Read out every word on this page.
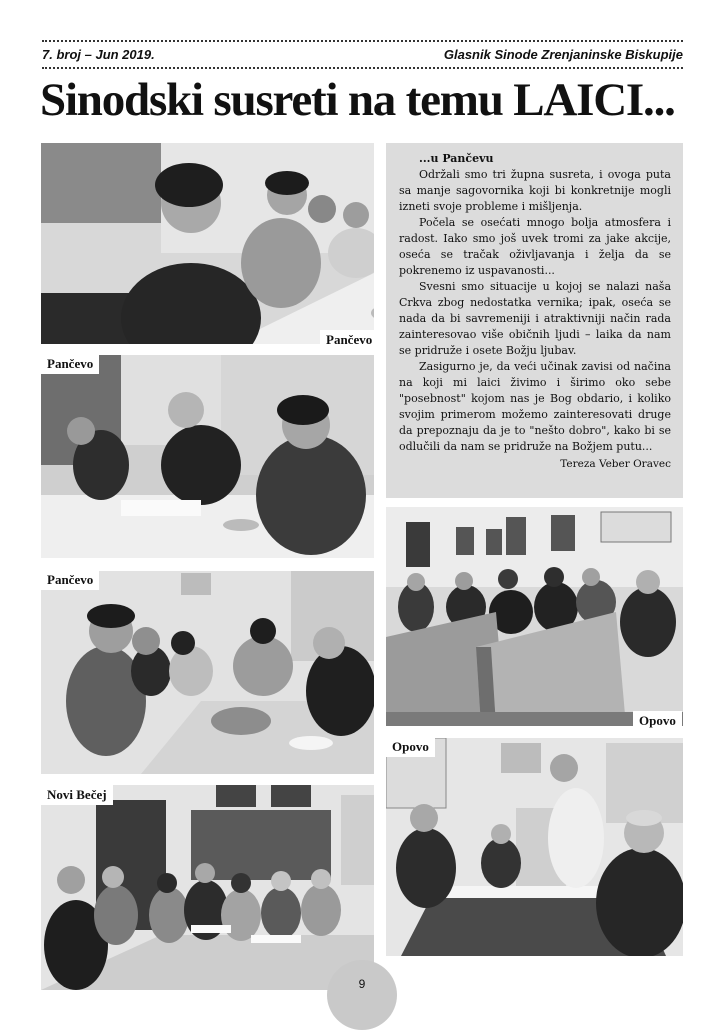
7. broj – Jun 2019.	Glasnik Sinode Zrenjaninske Biskupije
Sinodski susreti na temu LAICI...
Pančevo
Pančevo
Pančevo
Novi Bečej
...u Pančevu

Održali smo tri župna susreta, i ovoga puta sa manje sagovornika koji bi konkretnije mogli izneti svoje probleme i mišljenja.

Počela se osećati mnogo bolja atmosfera i radost. Iako smo još uvek tromi za jake akcije, oseća se tračak oživljavanja i želja da se pokrenemo iz uspavanosti...

Svesni smo situacije u kojoj se nalazi naša Crkva zbog nedostatka vernika; ipak, oseća se nada da bi savremeniji i atraktivniji način rada zainteresovao više običnih ljudi – laika da nam se pridruže i osete Božju ljubav.

Zasigurno je, da veći učinak zavisi od načina na koji mi laici živimo i širimo oko sebe "posebnost" kojom nas je Bog obdario, i koliko svojim primerom možemo zainteresovati druge da prepoznaju da je to "nešto dobro", kako bi se odlučili da nam se pridruže na Božjem putu...

Tereza Veber Oravec
Opovo
Opovo
9
